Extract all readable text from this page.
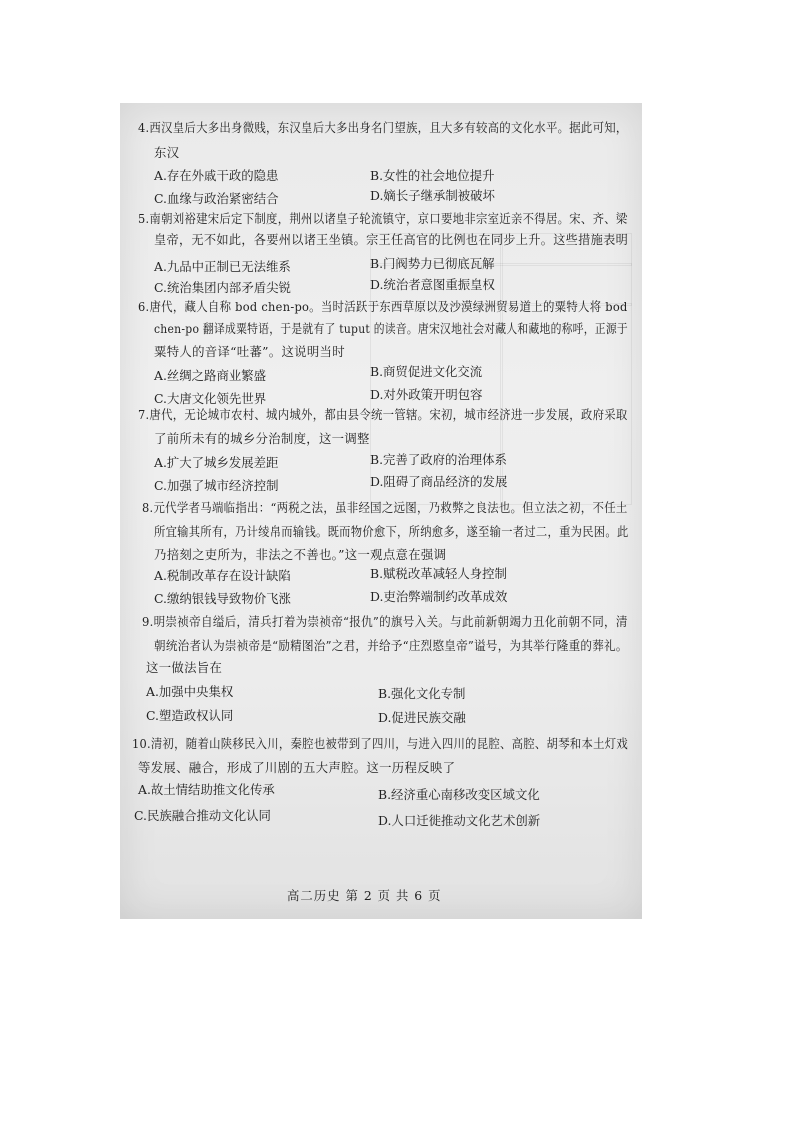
4.西汉皇后大多出身微贱，东汉皇后大多出身名门望族，且大多有较高的文化水平。据此可知，
东汉
A.存在外戚干政的隐患	B.女性的社会地位提升
C.血缘与政治紧密结合	D.嫡长子继承制被破坏
5.南朝刘裕建宋后定下制度，荆州以诸皇子轮流镇守，京口要地非宗室近亲不得居。宋、齐、梁
皇帝，无不如此，各要州以诸王坐镇。宗王任高官的比例也在同步上升。这些措施表明
A.九品中正制已无法维系	B.门阀势力已彻底瓦解
C.统治集团内部矛盾尖锐	D.统治者意图重振皇权
6.唐代，藏人自称 bod chen-po。当时活跃于东西草原以及沙漠绿洲贸易道上的粟特人将 bod
chen-po 翻译成粟特语，于是就有了 tuput 的读音。唐宋汉地社会对藏人和藏地的称呼，正源于
粟特人的音译“吐蕃”。这说明当时
A.丝绸之路商业繁盛	B.商贸促进文化交流
C.大唐文化领先世界	D.对外政策开明包容
7.唐代，无论城市农村、城内城外，都由县令统一管辖。宋初，城市经济进一步发展，政府采取
了前所未有的城乡分治制度，这一调整
A.扩大了城乡发展差距	B.完善了政府的治理体系
C.加强了城市经济控制	D.阻碍了商品经济的发展
8.元代学者马端临指出：“两税之法，虽非经国之远图，乃救弊之良法也。但立法之初，不任土
所宜输其所有，乃计绫帛而输钱。既而物价愈下，所纳愈多，遂至输一者过二，重为民困。此
乃掊刻之吏所为，非法之不善也。”这一观点意在强调
A.税制改革存在设计缺陷	B.赋税改革减轻人身控制
C.缴纳银钱导致物价飞涨	D.吏治弊端制约改革成效
9.明崇祯帝自缢后，清兵打着为崇祯帝“报仇”的旗号入关。与此前新朝竭力丑化前朝不同，清
朝统治者认为崇祯帝是“励精图治”之君，并给予“庄烈愍皇帝”谥号，为其举行隆重的葬礼。
这一做法旨在
A.加强中央集权	B.强化文化专制
C.塑造政权认同	D.促进民族交融
10.清初，随着山陕移民入川，秦腔也被带到了四川，与进入四川的昆腔、高腔、胡琴和本土灯戏
等发展、融合，形成了川剧的五大声腔。这一历程反映了
A.故土情结助推文化传承	B.经济重心南移改变区域文化
C.民族融合推动文化认同	D.人口迁徙推动文化艺术创新
高二历史 第 2 页 共 6 页
